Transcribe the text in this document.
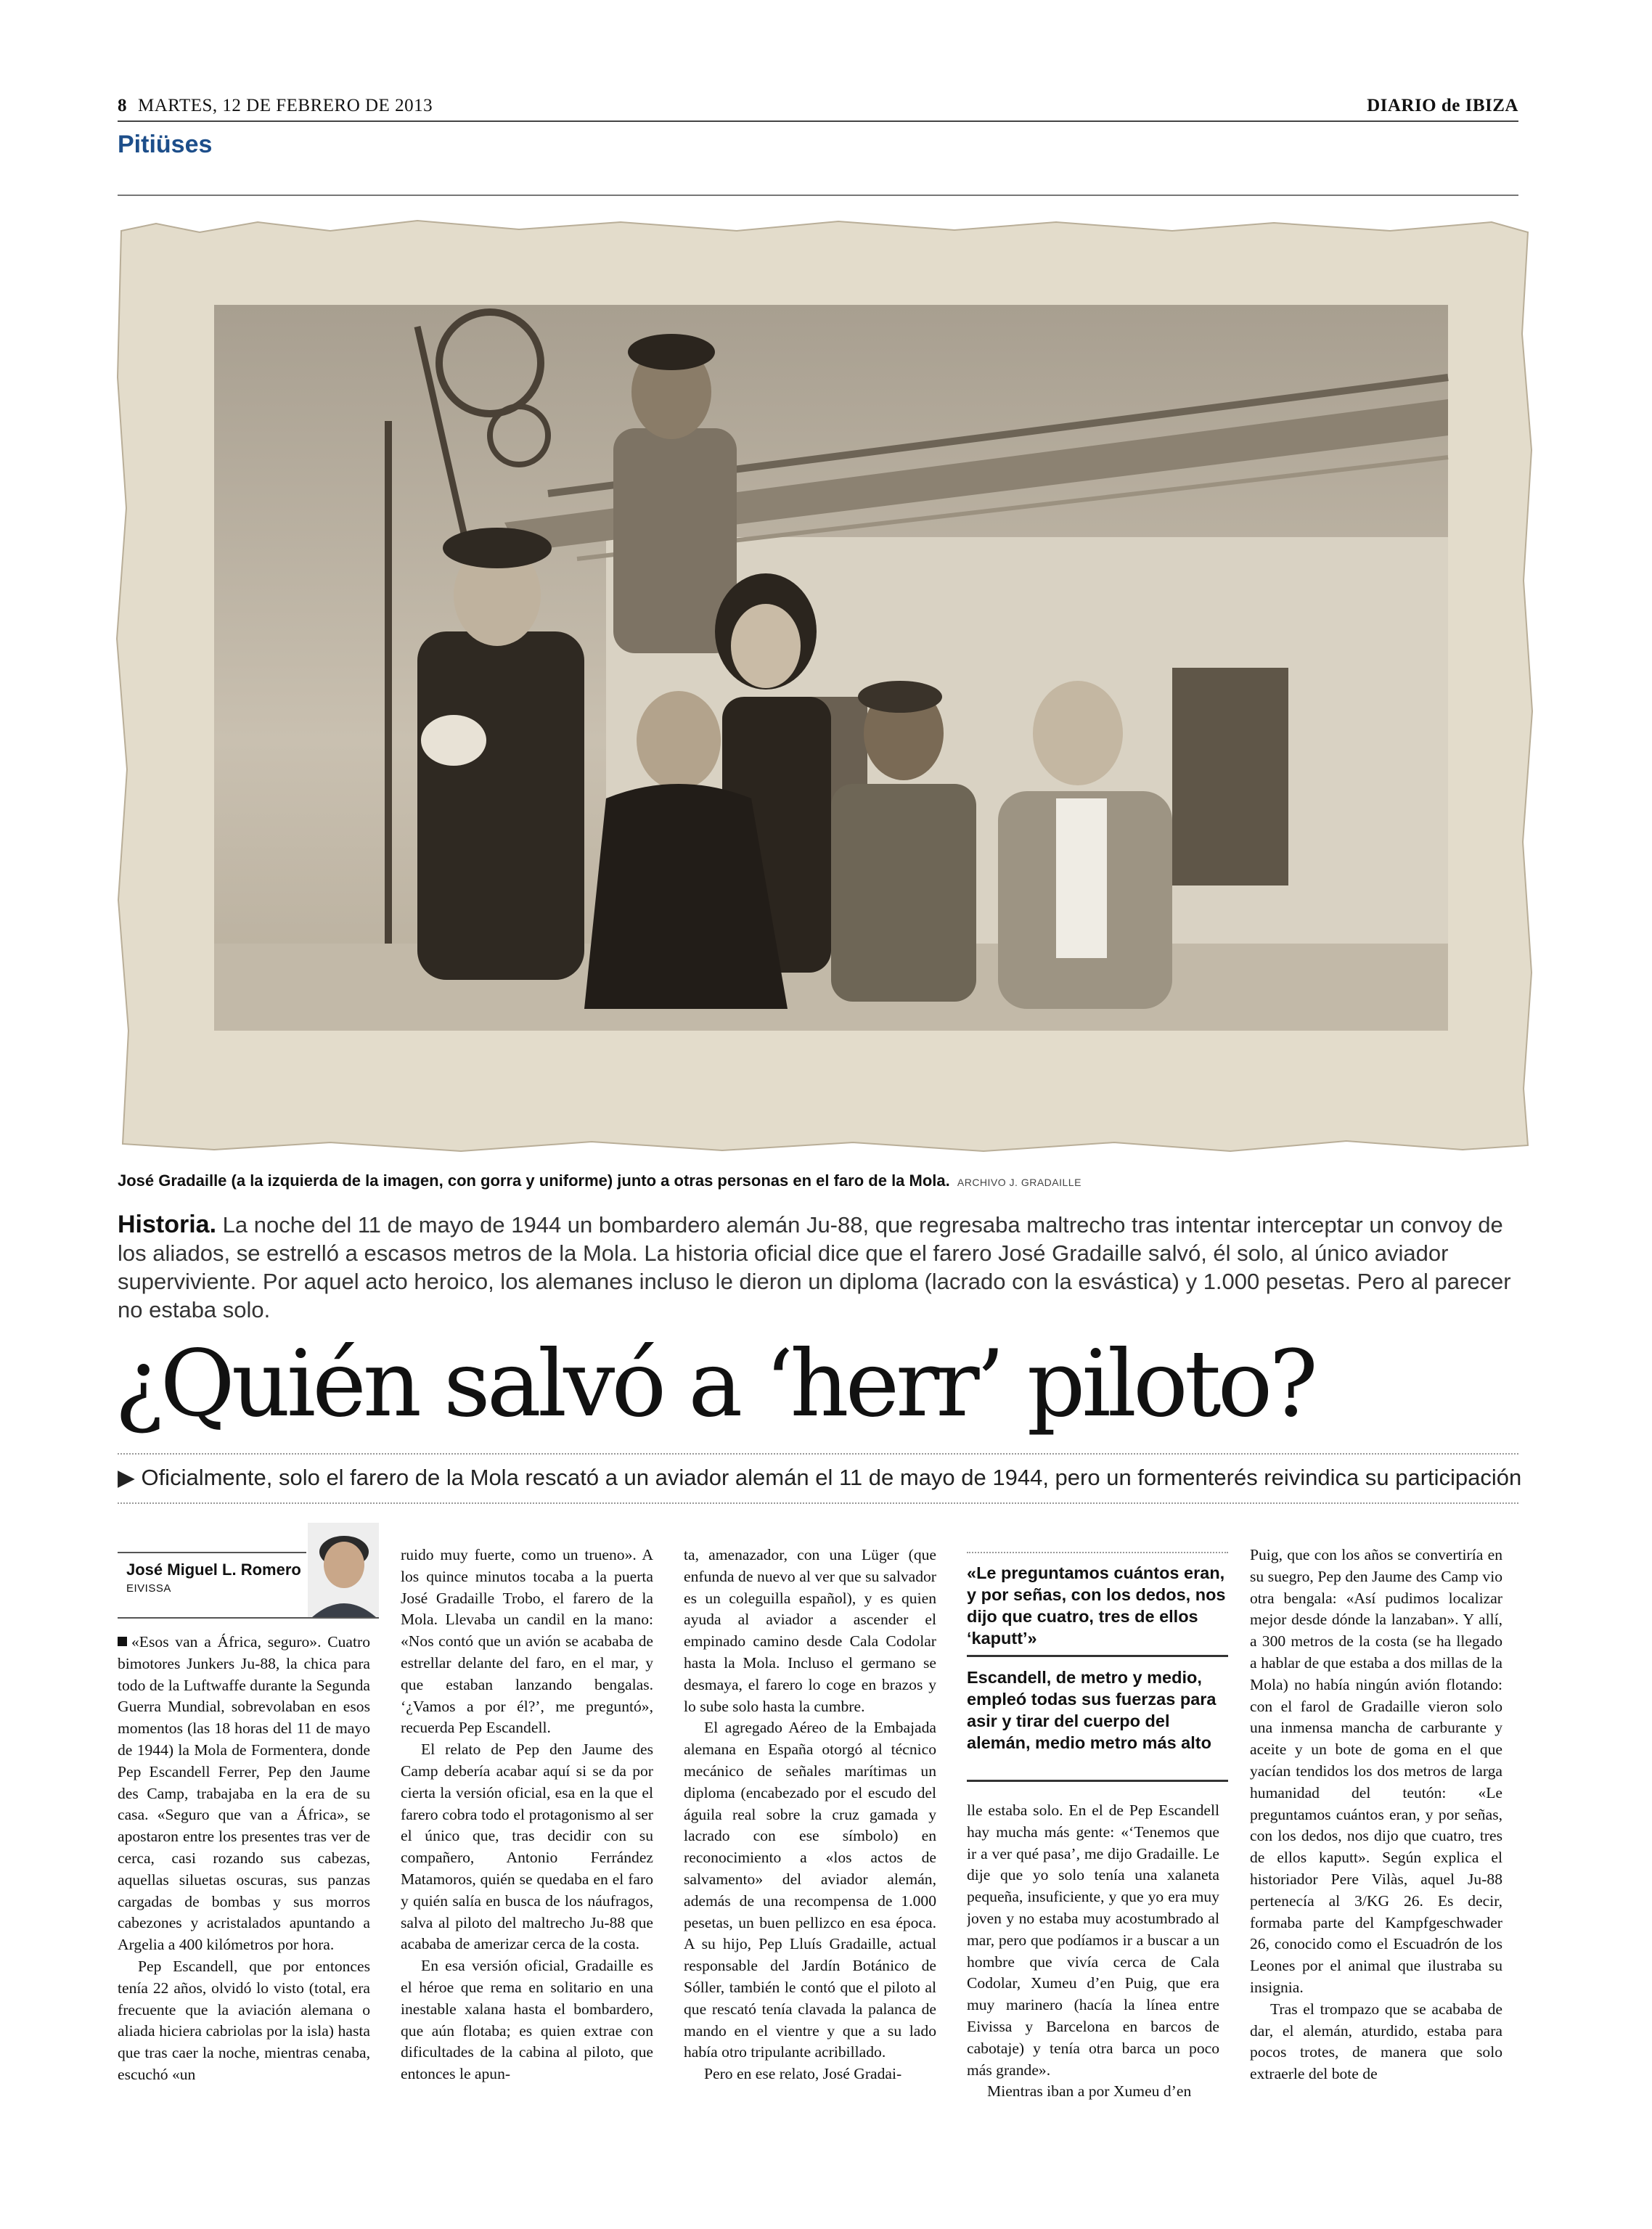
8 MARTES, 12 DE FEBRERO DE 2013	DIARIO de IBIZA
Pitiüses
José Gradaille (a la izquierda de la imagen, con gorra y uniforme) junto a otras personas en el faro de la Mola. ARCHIVO J. GRADAILLE
Historia. La noche del 11 de mayo de 1944 un bombardero alemán Ju-88, que regresaba maltrecho tras intentar interceptar un convoy de los aliados, se estrelló a escasos metros de la Mola. La historia oficial dice que el farero José Gradaille salvó, él solo, al único aviador superviviente. Por aquel acto heroico, los alemanes incluso le dieron un diploma (lacrado con la esvástica) y 1.000 pesetas. Pero al parecer no estaba solo.
¿Quién salvó a ‘herr’ piloto?
▶ Oficialmente, solo el farero de la Mola rescató a un aviador alemán el 11 de mayo de 1944, pero un formenterés reivindica su participación
José Miguel L. Romero
EIVISSA

«Esos van a África, seguro». Cuatro bimotores Junkers Ju-88, la chica para todo de la Luftwaffe durante la Segunda Guerra Mundial, sobrevolaban en esos momentos (las 18 horas del 11 de mayo de 1944) la Mola de Formentera, donde Pep Escandell Ferrer, Pep den Jaume des Camp, trabajaba en la era de su casa. «Seguro que van a África», se apostaron entre los presentes tras ver de cerca, casi rozando sus cabezas, aquellas siluetas oscuras, sus panzas cargadas de bombas y sus morros cabezones y acristalados apuntando a Argelia a 400 kilómetros por hora.

Pep Escandell, que por entonces tenía 22 años, olvidó lo visto (total, era frecuente que la aviación alemana o aliada hiciera cabriolas por la isla) hasta que tras caer la noche, mientras cenaba, escuchó «un

ruido muy fuerte, como un trueno». A los quince minutos tocaba a la puerta José Gradaille Trobo, el farero de la Mola. Llevaba un candil en la mano: «Nos contó que un avión se acababa de estrellar delante del faro, en el mar, y que estaban lanzando bengalas. ‘¿Vamos a por él?’, me preguntó», recuerda Pep Escandell.

El relato de Pep den Jaume des Camp debería acabar aquí si se da por cierta la versión oficial, esa en la que el farero cobra todo el protagonismo al ser el único que, tras decidir con su compañero, Antonio Ferrández Matamoros, quién se quedaba en el faro y quién salía en busca de los náufragos, salva al piloto del maltrecho Ju-88 que acababa de amerizar cerca de la costa.

En esa versión oficial, Gradaille es el héroe que rema en solitario en una inestable xalana hasta el bombardero, que aún flotaba; es quien extrae con dificultades de la cabina al piloto, que entonces le apun-

ta, amenazador, con una Lüger (que enfunda de nuevo al ver que su salvador es un coleguilla español), y es quien ayuda al aviador a ascender el empinado camino desde Cala Codolar hasta la Mola. Incluso el germano se desmaya, el farero lo coge en brazos y lo sube solo hasta la cumbre.

El agregado Aéreo de la Embajada alemana en España otorgó al técnico mecánico de señales marítimas un diploma (encabezado por el escudo del águila real sobre la cruz gamada y lacrado con ese símbolo) en reconocimiento a «los actos de salvamento» del aviador alemán, además de una recompensa de 1.000 pesetas, un buen pellizco en esa época. A su hijo, Pep Lluís Gradaille, actual responsable del Jardín Botánico de Sóller, también le contó que el piloto al que rescató tenía clavada la palanca de mando en el vientre y que a su lado había otro tripulante acribillado.

Pero en ese relato, José Gradai-

«Le preguntamos cuántos eran, y por señas, con los dedos, nos dijo que cuatro, tres de ellos ‘kaputt’»
Escandell, de metro y medio, empleó todas sus fuerzas para asir y tirar del cuerpo del alemán, medio metro más alto

lle estaba solo. En el de Pep Escandell hay mucha más gente: «‘Tenemos que ir a ver qué pasa’, me dijo Gradaille. Le dije que yo solo tenía una xalaneta pequeña, insuficiente, y que yo era muy joven y no estaba muy acostumbrado al mar, pero que podíamos ir a buscar a un hombre que vivía cerca de Cala Codolar, Xumeu d’en Puig, que era muy marinero (hacía la línea entre Eivissa y Barcelona en barcos de cabotaje) y tenía otra barca un poco más grande».

Mientras iban a por Xumeu d’en

Puig, que con los años se convertiría en su suegro, Pep den Jaume des Camp vio otra bengala: «Así pudimos localizar mejor desde dónde la lanzaban». Y allí, a 300 metros de la costa (se ha llegado a hablar de que estaba a dos millas de la Mola) no había ningún avión flotando: con el farol de Gradaille vieron solo una inmensa mancha de carburante y aceite y un bote de goma en el que yacían tendidos los dos metros de larga humanidad del teutón: «Le preguntamos cuántos eran, y por señas, con los dedos, nos dijo que cuatro, tres de ellos kaputt». Según explica el historiador Pere Vilàs, aquel Ju-88 pertenecía al 3/KG 26. Es decir, formaba parte del Kampfgeschwader 26, conocido como el Escuadrón de los Leones por el animal que ilustraba su insignia.

Tras el trompazo que se acababa de dar, el alemán, aturdido, estaba para pocos trotes, de manera que solo extraerle del bote de
